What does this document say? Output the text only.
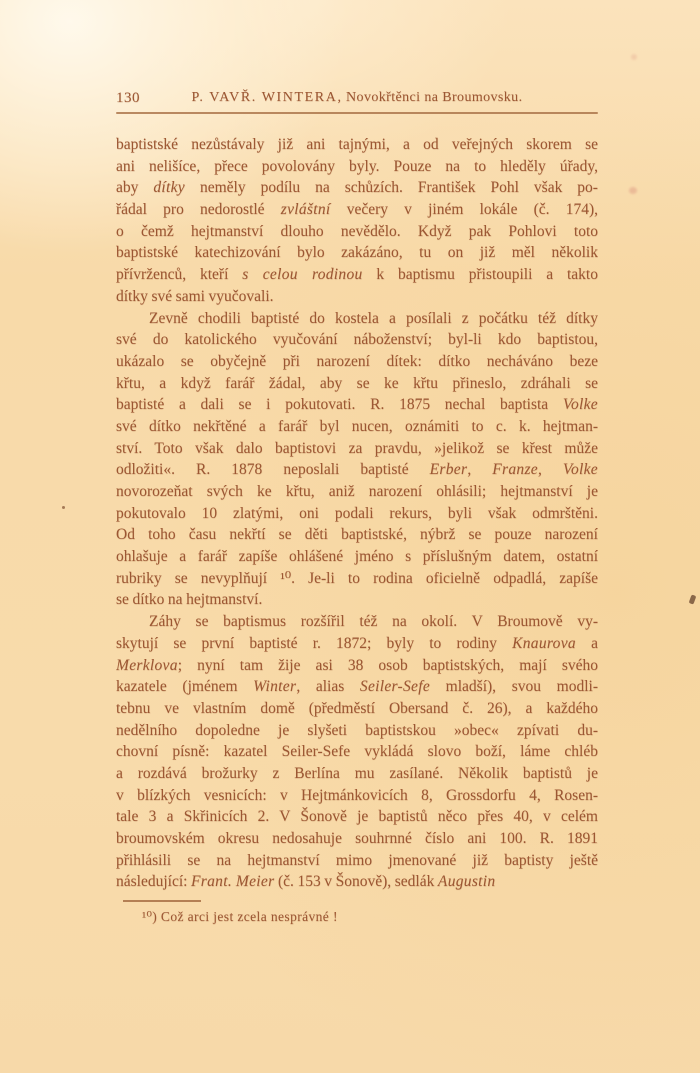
130	P. VAVŘ. WINTERA, Novokřtěnci na Broumovsku.
baptistské nezůstávaly již ani tajnými, a od veřejných skorem se
ani nelišíce, přece povolovány byly. Pouze na to hleděly úřady,
aby dítky neměly podílu na schůzích. František Pohl však po-
řádal pro nedorostlé zvláštní večery v jiném lokále (č. 174),
o čemž hejtmanství dlouho nevědělo. Když pak Pohlovi toto
baptistské katechizování bylo zakázáno, tu on již měl několik
přívrženců, kteří s celou rodinou k baptismu přistoupili a takto
dítky své sami vyučovali.
Zevně chodili baptisté do kostela a posílali z počátku též dítky
své do katolického vyučování náboženství; byl-li kdo baptistou,
ukázalo se obyčejně při narození dítek: dítko necháváno beze
křtu, a když farář žádal, aby se ke křtu přineslo, zdráhali se
baptisté a dali se i pokutovati. R. 1875 nechal baptista Volke
své dítko nekřtěné a farář byl nucen, oznámiti to c. k. hejtman-
ství. Toto však dalo baptistovi za pravdu, »jelikož se křest může
odložiti«. R. 1878 neposlali baptisté Erber, Franze, Volke
novorozeňat svých ke křtu, aniž narození ohlásili; hejtmanství je
pokutovalo 10 zlatými, oni podali rekurs, byli však odmrštěni.
Od toho času nekřtí se děti baptistské, nýbrž se pouze narození
ohlašuje a farář zapíše ohlášené jméno s příslušným datem, ostatní
rubriky se nevyplňují ¹⁰. Je-li to rodina oficielně odpadlá, zapíše
se dítko na hejtmanství.
Záhy se baptismus rozšířil též na okolí. V Broumově vy-
skytují se první baptisté r. 1872; byly to rodiny Knaurova a
Merklova; nyní tam žije asi 38 osob baptistských, mají svého
kazatele (jménem Winter, alias Seiler-Sefe mladší), svou modli-
tebnu ve vlastním domě (předměstí Obersand č. 26), a každého
nedělního dopoledne je slyšeti baptistskou »obec« zpívati du-
chovní písně: kazatel Seiler-Sefe vykládá slovo boží, láme chléb
a rozdává brožurky z Berlína mu zasílané. Několik baptistů je
v blízkých vesnicích: v Hejtmánkovicích 8, Grossdorfu 4, Rosen-
tale 3 a Skřinicích 2. V Šonově je baptistů něco přes 40, v celém
broumovském okresu nedosahuje souhrnné číslo ani 100. R. 1891
přihlásili se na hejtmanství mimo jmenované již baptisty ještě
následující: Frant. Meier (č. 153 v Šonově), sedlák Augustin
¹⁰) Což arci jest zcela nesprávné !
